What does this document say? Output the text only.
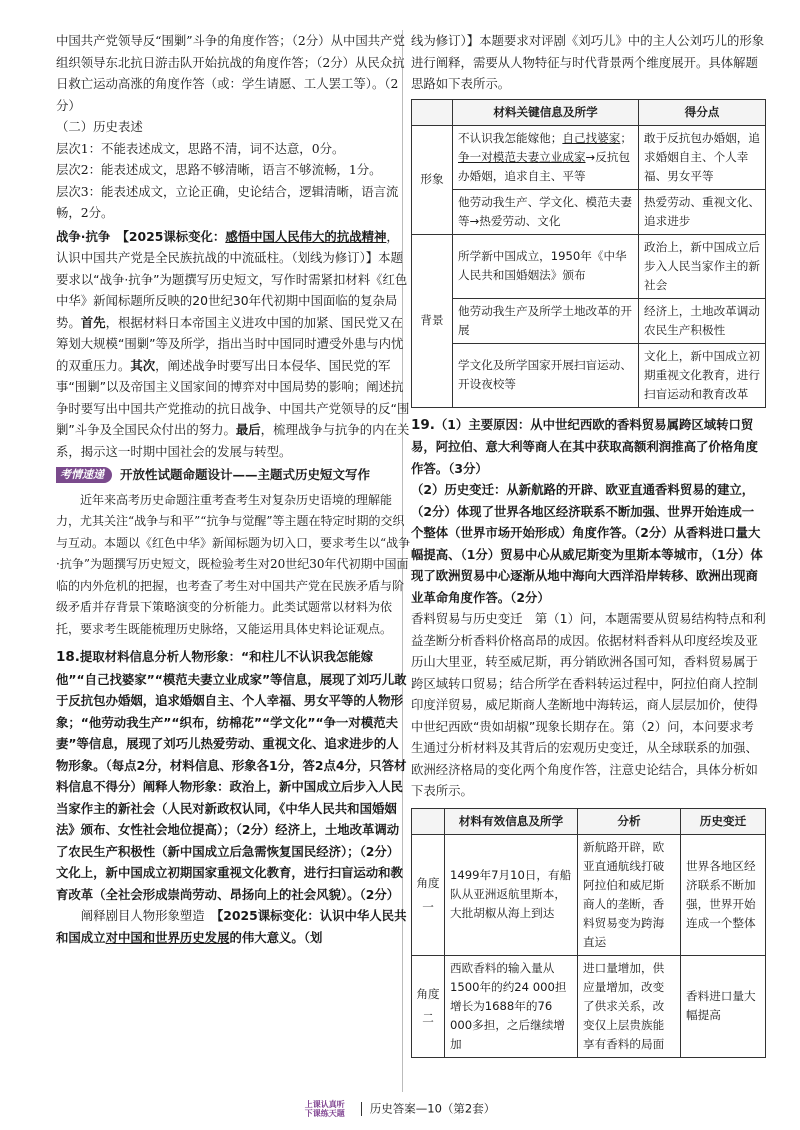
中国共产党领导反“围剿”斗争的角度作答；（2分）从中国共产党组织领导东北抗日游击队开始抗战的角度作答；（2分）从民众抗日救亡运动高涨的角度作答（或：学生请愿、工人罢工等）。（2分）

（二）历史表述

层次1：不能表述成文，思路不清，词不达意，0分。

层次2：能表述成文，思路不够清晰，语言不够流畅，1分。

层次3：能表述成文，立论正确，史论结合，逻辑清晰，语言流畅，2分。

战争·抗争　 【2025课标变化：感悟中国人民伟大的抗战精神，认识中国共产党是全民族抗战的中流砥柱。（划线为修订）】本题要求以“战争·抗争”为题撰写历史短文，写作时需紧扣材料《红色中华》新闻标题所反映的20世纪30年代初期中国面临的复杂局势。首先，根据材料日本帝国主义进攻中国的加紧、国民党又在筹划大规模“围剿”等及所学，指出当时中国同时遭受外患与内忧的双重压力。其次，阐述战争时要写出日本侵华、国民党的军事“围剿”以及帝国主义国家间的博弈对中国局势的影响；阐述抗争时要写出中国共产党推动的抗日战争、中国共产党领导的反“围剿”斗争及全国民众付出的努力。最后，梳理战争与抗争的内在关系，揭示这一时期中国社会的发展与转型。

考情速递	开放性试题命题设计——主题式历史短文写作

近年来高考历史命题注重考查考生对复杂历史语境的理解能力，尤其关注“战争与和平”“抗争与觉醒”等主题在特定时期的交织与互动。本题以《红色中华》新闻标题为切入口，要求考生以“战争·抗争”为题撰写历史短文，既检验考生对20世纪30年代初期中国面临的内外危机的把握，也考查了考生对中国共产党在民族矛盾与阶级矛盾并存背景下策略演变的分析能力。此类试题常以材料为依托，要求考生既能梳理历史脉络，又能运用具体史料论证观点。

18.提取材料信息分析人物形象：“和柱儿不认识我怎能嫁他”“自己找婆家”“模范夫妻立业成家”等信息，展现了刘巧儿敢于反抗包办婚姻，追求婚姻自主、个人幸福、男女平等的人物形象；“他劳动我生产”“织布，纺棉花”“学文化”“争一对模范夫妻”等信息，展现了刘巧儿热爱劳动、重视文化、追求进步的人物形象。（每点2分，材料信息、形象各1分，答2点4分，只答材料信息不得分）阐释人物形象：政治上，新中国成立后步入人民当家作主的新社会（人民对新政权认同，《中华人民共和国婚姻法》颁布、女性社会地位提高）；（2分）经济上，土地改革调动了农民生产积极性（新中国成立后急需恢复国民经济）；（2分）文化上，新中国成立初期国家重视文化教育，进行扫盲运动和教育改革（全社会形成崇尚劳动、昂扬向上的社会风貌）。（2分）

阐释剧目人物形象塑造　 【2025课标变化：认识中华人民共和国成立对中国和世界历史发展的伟大意义。（划

线为修订）】本题要求对评剧《刘巧儿》中的主人公刘巧儿的形象进行阐释，需要从人物特征与时代背景两个维度展开。具体解题思路如下表所示。

	材料关键信息及所学	得分点
形象	不认识我怎能嫁他；自己找婆家；争一对模范夫妻立业成家→反抗包办婚姻，追求自主、平等	敢于反抗包办婚姻，追求婚姻自主、个人幸福、男女平等
	他劳动我生产、学文化、模范夫妻等→热爱劳动、文化	热爱劳动、重视文化、追求进步
背景	所学新中国成立，1950年《中华人民共和国婚姻法》颁布	政治上，新中国成立后步入人民当家作主的新社会
	他劳动我生产及所学土地改革的开展	经济上，土地改革调动农民生产积极性
	学文化及所学国家开展扫盲运动、开设夜校等	文化上，新中国成立初期重视文化教育，进行扫盲运动和教育改革

19.（1）主要原因：从中世纪西欧的香料贸易属跨区域转口贸易，阿拉伯、意大利等商人在其中获取高额利润推高了价格角度作答。（3分）

（2）历史变迁：从新航路的开辟、欧亚直通香料贸易的建立，（2分）体现了世界各地区经济联系不断加强、世界开始连成一个整体（世界市场开始形成）角度作答。（2分）从香料进口量大幅提高、（1分）贸易中心从威尼斯变为里斯本等城市，（1分）体现了欧洲贸易中心逐渐从地中海向大西洋沿岸转移、欧洲出现商业革命角度作答。（2分）

香料贸易与历史变迁　 第（1）问，本题需要从贸易结构特点和利益垄断分析香料价格高昂的成因。依据材料香料从印度经埃及亚历山大里亚，转至威尼斯，再分销欧洲各国可知，香料贸易属于跨区域转口贸易；结合所学在香料转运过程中，阿拉伯商人控制印度洋贸易，威尼斯商人垄断地中海转运，商人层层加价，使得中世纪西欧“贵如胡椒”现象长期存在。第（2）问，本问要求考生通过分析材料及其背后的宏观历史变迁，从全球联系的加强、欧洲经济格局的变化两个角度作答，注意史论结合，具体分析如下表所示。

	材料有效信息及所学	分析	历史变迁
角度一	1499年7月10日，有船队从亚洲返航里斯本，大批胡椒从海上到达	新航路开辟，欧亚直通航线打破阿拉伯和威尼斯商人的垄断，香料贸易变为跨海直运	世界各地区经济联系不断加强，世界开始连成一个整体
角度二	西欧香料的输入量从1500年的约24 000担增长为1688年的76 000多担，之后继续增加	进口量增加，供应量增加，改变了供求关系，改变仅上层贵族能享有香料的局面	香料进口量大幅提高
上课认真听
下课练天题 历史答案—10（第2套）
